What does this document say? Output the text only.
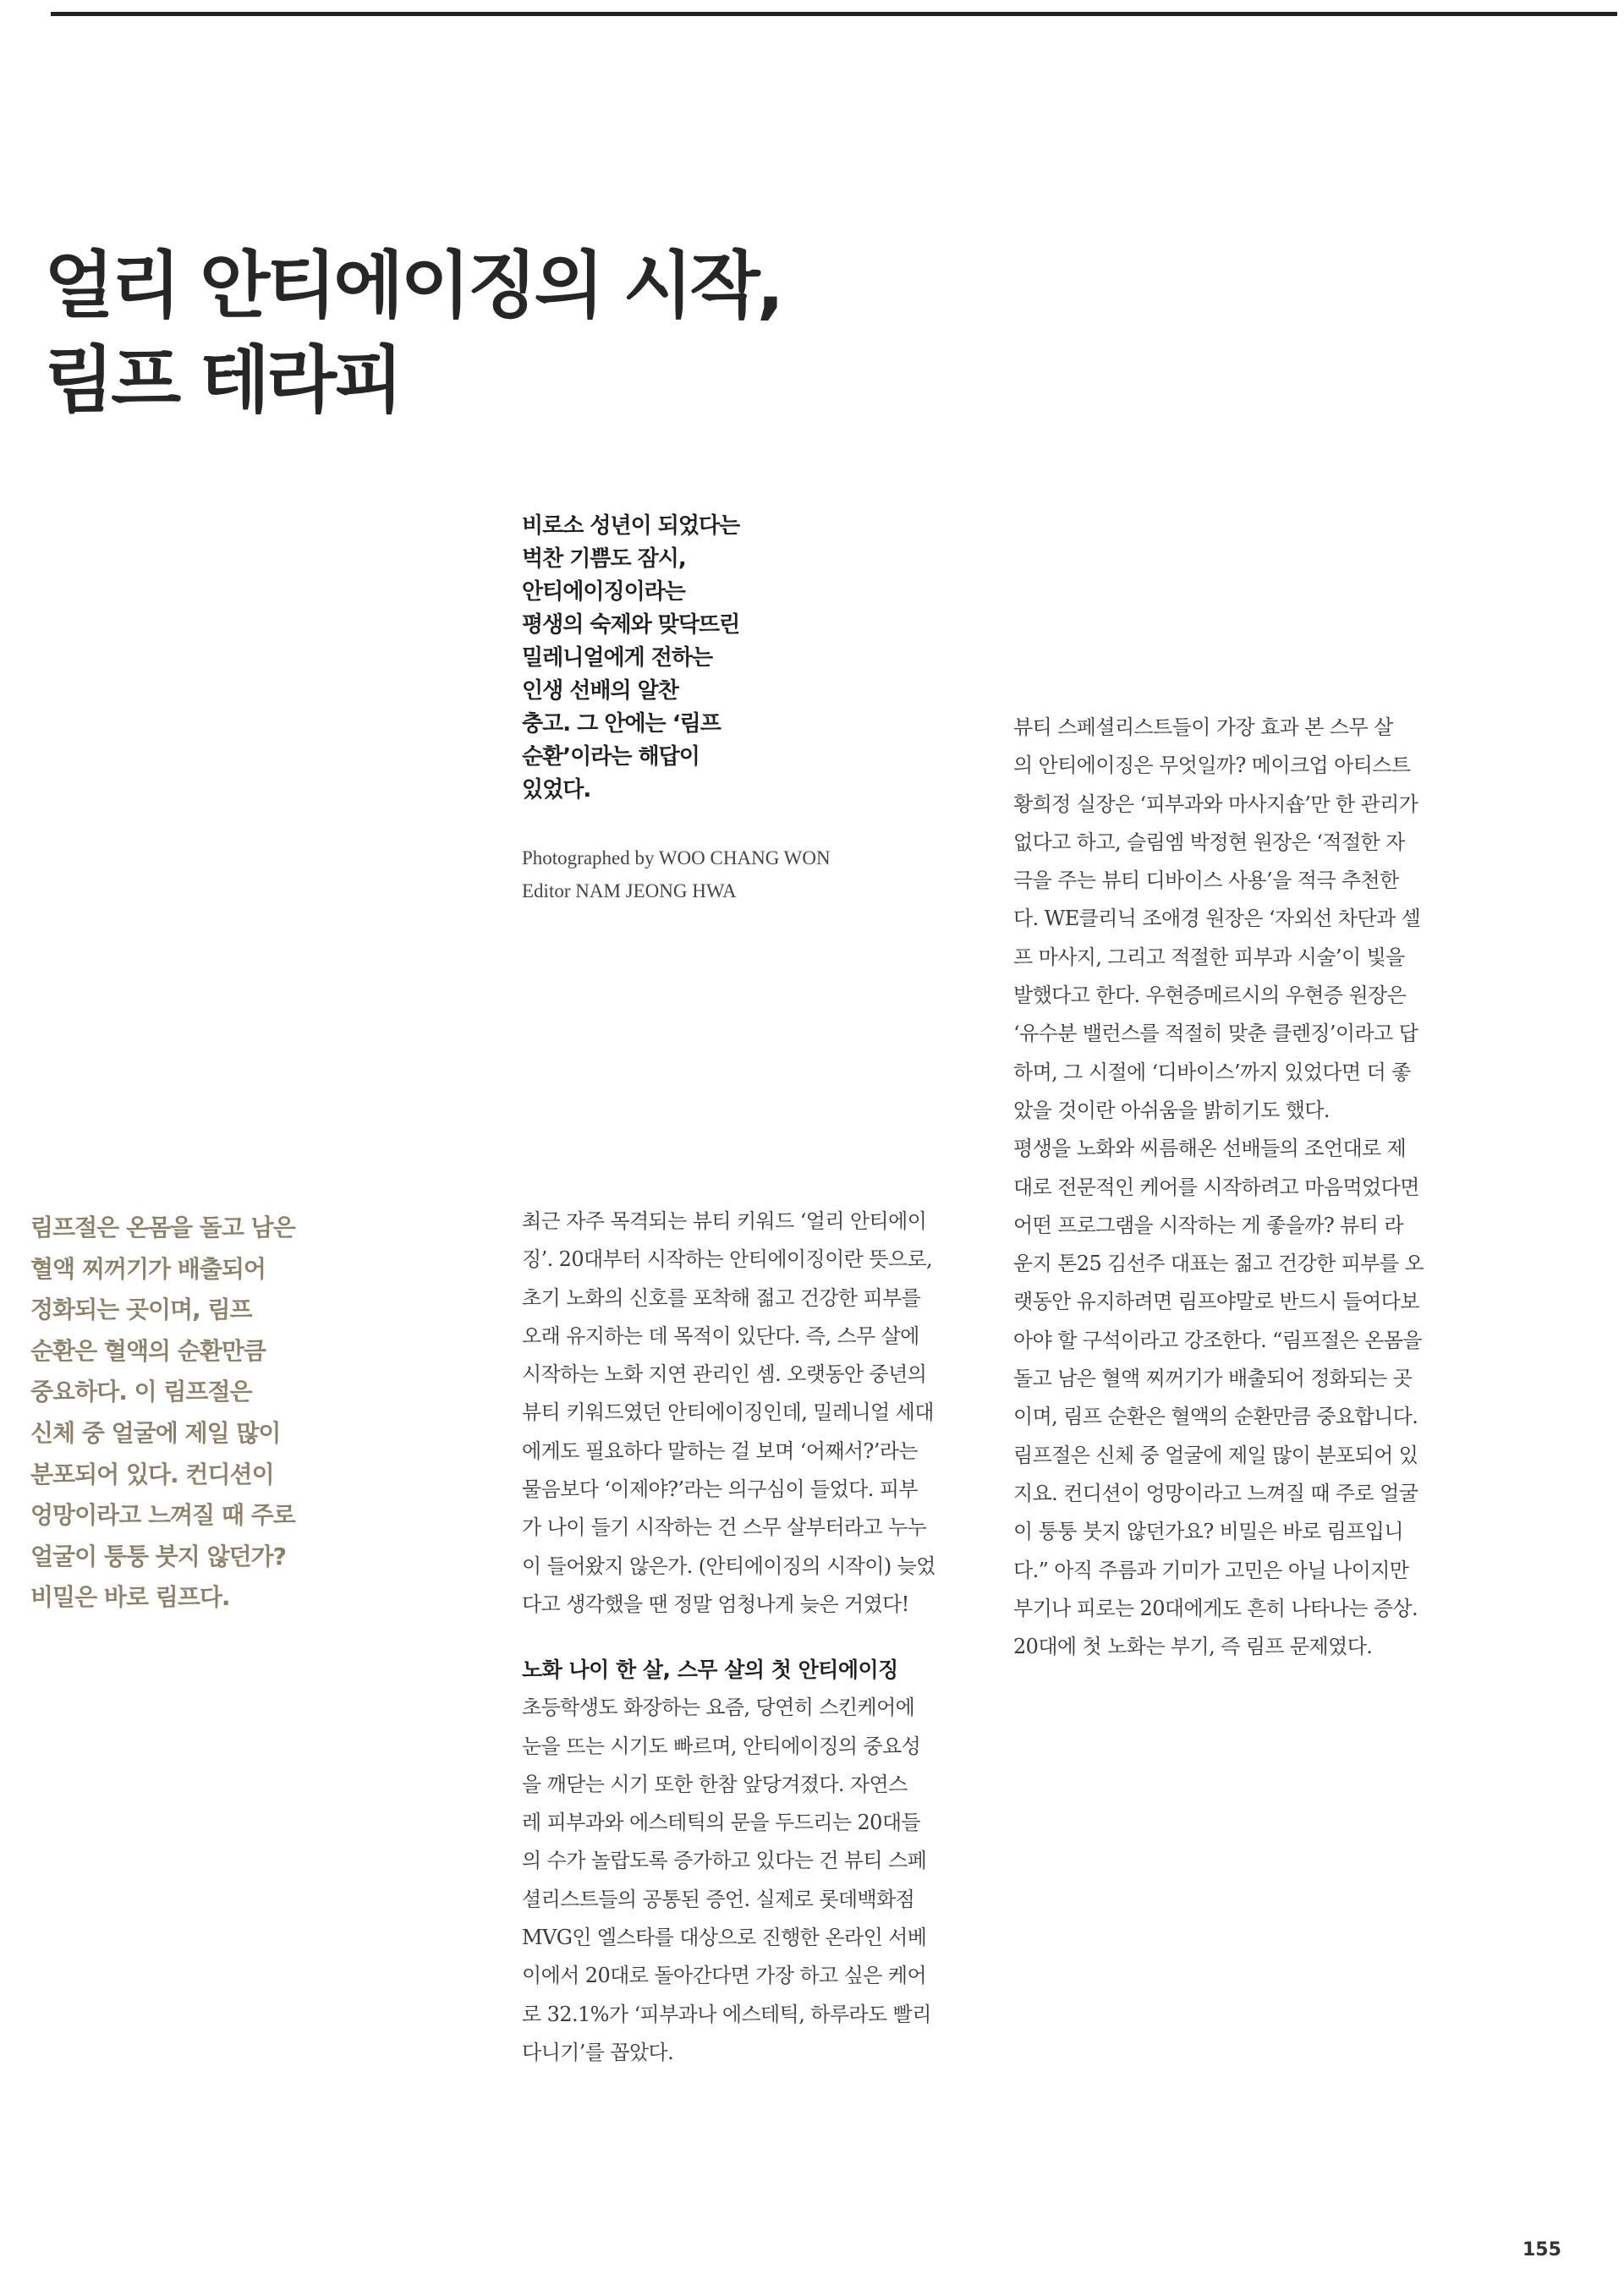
얼리 안티에이징의 시작,
림프 테라피
비로소 성년이 되었다는
벅찬 기쁨도 잠시,
안티에이징이라는
평생의 숙제와 맞닥뜨린
밀레니얼에게 전하는
인생 선배의 알찬
충고. 그 안에는 ‘림프
순환’이라는 해답이
있었다.
Photographed by WOO CHANG WON
Editor NAM JEONG HWA
림프절은 온몸을 돌고 남은
혈액 찌꺼기가 배출되어
정화되는 곳이며, 림프
순환은 혈액의 순환만큼
중요하다. 이 림프절은
신체 중 얼굴에 제일 많이
분포되어 있다. 컨디션이
엉망이라고 느껴질 때 주로
얼굴이 퉁퉁 붓지 않던가?
비밀은 바로 림프다.
최근 자주 목격되는 뷰티 키워드 ‘얼리 안티에이
징’. 20대부터 시작하는 안티에이징이란 뜻으로,
초기 노화의 신호를 포착해 젊고 건강한 피부를
오래 유지하는 데 목적이 있단다. 즉, 스무 살에
시작하는 노화 지연 관리인 셈. 오랫동안 중년의
뷰티 키워드였던 안티에이징인데, 밀레니얼 세대
에게도 필요하다 말하는 걸 보며 ‘어째서?’라는
물음보다 ‘이제야?’라는 의구심이 들었다. 피부
가 나이 들기 시작하는 건 스무 살부터라고 누누
이 들어왔지 않은가. (안티에이징의 시작이) 늦었
다고 생각했을 땐 정말 엄청나게 늦은 거였다!
노화 나이 한 살, 스무 살의 첫 안티에이징
초등학생도 화장하는 요즘, 당연히 스킨케어에
눈을 뜨는 시기도 빠르며, 안티에이징의 중요성
을 깨닫는 시기 또한 한참 앞당겨졌다. 자연스
레 피부과와 에스테틱의 문을 두드리는 20대들
의 수가 놀랍도록 증가하고 있다는 건 뷰티 스페
셜리스트들의 공통된 증언. 실제로 롯데백화점
MVG인 엘스타를 대상으로 진행한 온라인 서베
이에서 20대로 돌아간다면 가장 하고 싶은 케어
로 32.1%가 ‘피부과나 에스테틱, 하루라도 빨리
다니기’를 꼽았다.
뷰티 스페셜리스트들이 가장 효과 본 스무 살
의 안티에이징은 무엇일까? 메이크업 아티스트
황희정 실장은 ‘피부과와 마사지숍’만 한 관리가
없다고 하고, 슬림엠 박정현 원장은 ‘적절한 자
극을 주는 뷰티 디바이스 사용’을 적극 추천한
다. WE클리닉 조애경 원장은 ‘자외선 차단과 셀
프 마사지, 그리고 적절한 피부과 시술’이 빛을
발했다고 한다. 우현증메르시의 우현증 원장은
‘유수분 밸런스를 적절히 맞춘 클렌징’이라고 답
하며, 그 시절에 ‘디바이스’까지 있었다면 더 좋
았을 것이란 아쉬움을 밝히기도 했다.
평생을 노화와 씨름해온 선배들의 조언대로 제
대로 전문적인 케어를 시작하려고 마음먹었다면
어떤 프로그램을 시작하는 게 좋을까? 뷰티 라
운지 톤25 김선주 대표는 젊고 건강한 피부를 오
랫동안 유지하려면 림프야말로 반드시 들여다보
아야 할 구석이라고 강조한다. “림프절은 온몸을
돌고 남은 혈액 찌꺼기가 배출되어 정화되는 곳
이며, 림프 순환은 혈액의 순환만큼 중요합니다.
림프절은 신체 중 얼굴에 제일 많이 분포되어 있
지요. 컨디션이 엉망이라고 느껴질 때 주로 얼굴
이 퉁퉁 붓지 않던가요? 비밀은 바로 림프입니
다.” 아직 주름과 기미가 고민은 아닐 나이지만
부기나 피로는 20대에게도 흔히 나타나는 증상.
20대에 첫 노화는 부기, 즉 림프 문제였다.
155
